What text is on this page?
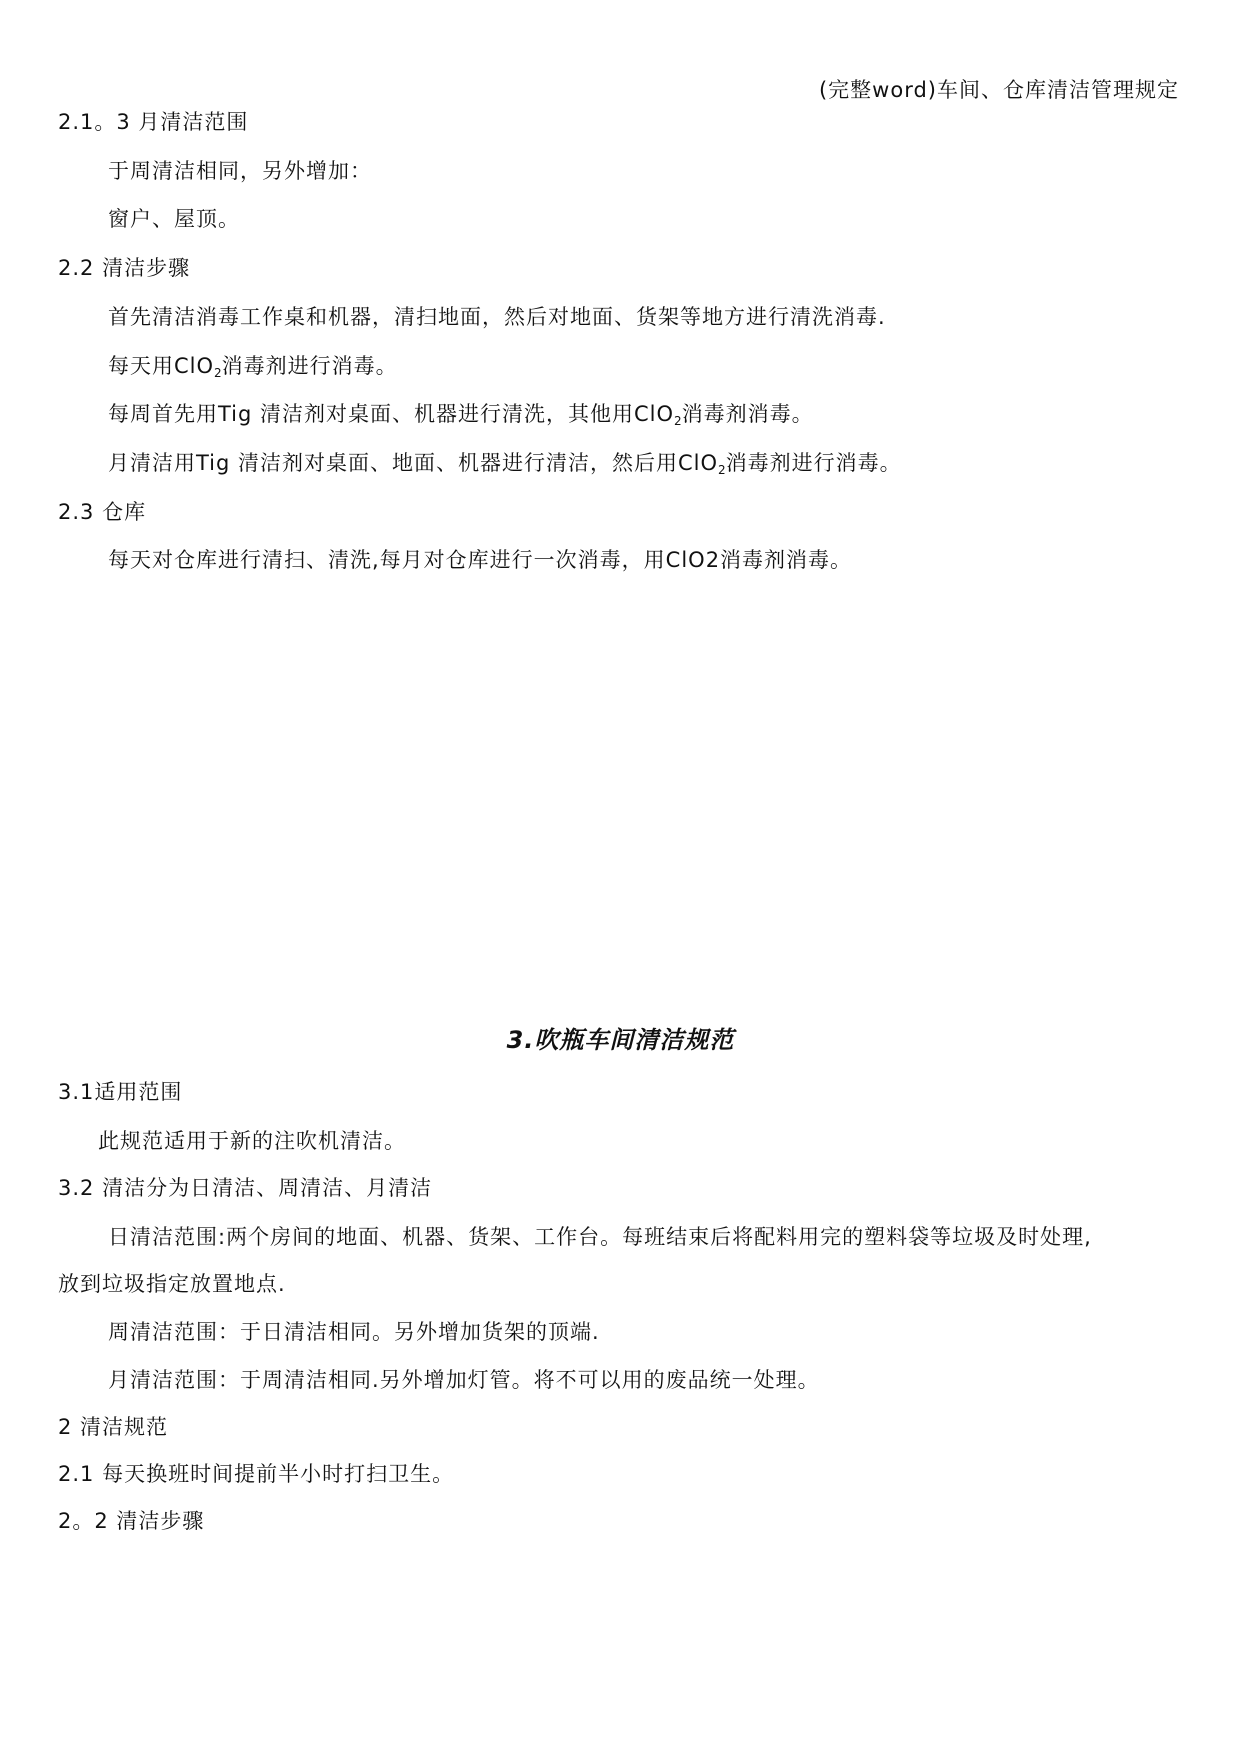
(完整word)车间、仓库清洁管理规定
2.1。3 月清洁范围
于周清洁相同，另外增加：
窗户、屋顶。
2.2 清洁步骤
首先清洁消毒工作桌和机器，清扫地面，然后对地面、货架等地方进行清洗消毒.
每天用ClO$_2$消毒剂进行消毒。
每周首先用Tig 清洁剂对桌面、机器进行清洗，其他用ClO$_2$消毒剂消毒。
月清洁用Tig 清洁剂对桌面、地面、机器进行清洁，然后用ClO$_2$消毒剂进行消毒。
2.3 仓库
每天对仓库进行清扫、清洗,每月对仓库进行一次消毒，用ClO2消毒剂消毒。
3.吹瓶车间清洁规范
3.1适用范围
此规范适用于新的注吹机清洁。
3.2 清洁分为日清洁、周清洁、月清洁
日清洁范围:两个房间的地面、机器、货架、工作台。每班结束后将配料用完的塑料袋等垃圾及时处理,
放到垃圾指定放置地点.
周清洁范围：于日清洁相同。另外增加货架的顶端.
月清洁范围：于周清洁相同.另外增加灯管。将不可以用的废品统一处理。
2 清洁规范
2.1 每天换班时间提前半小时打扫卫生。
2。2 清洁步骤
